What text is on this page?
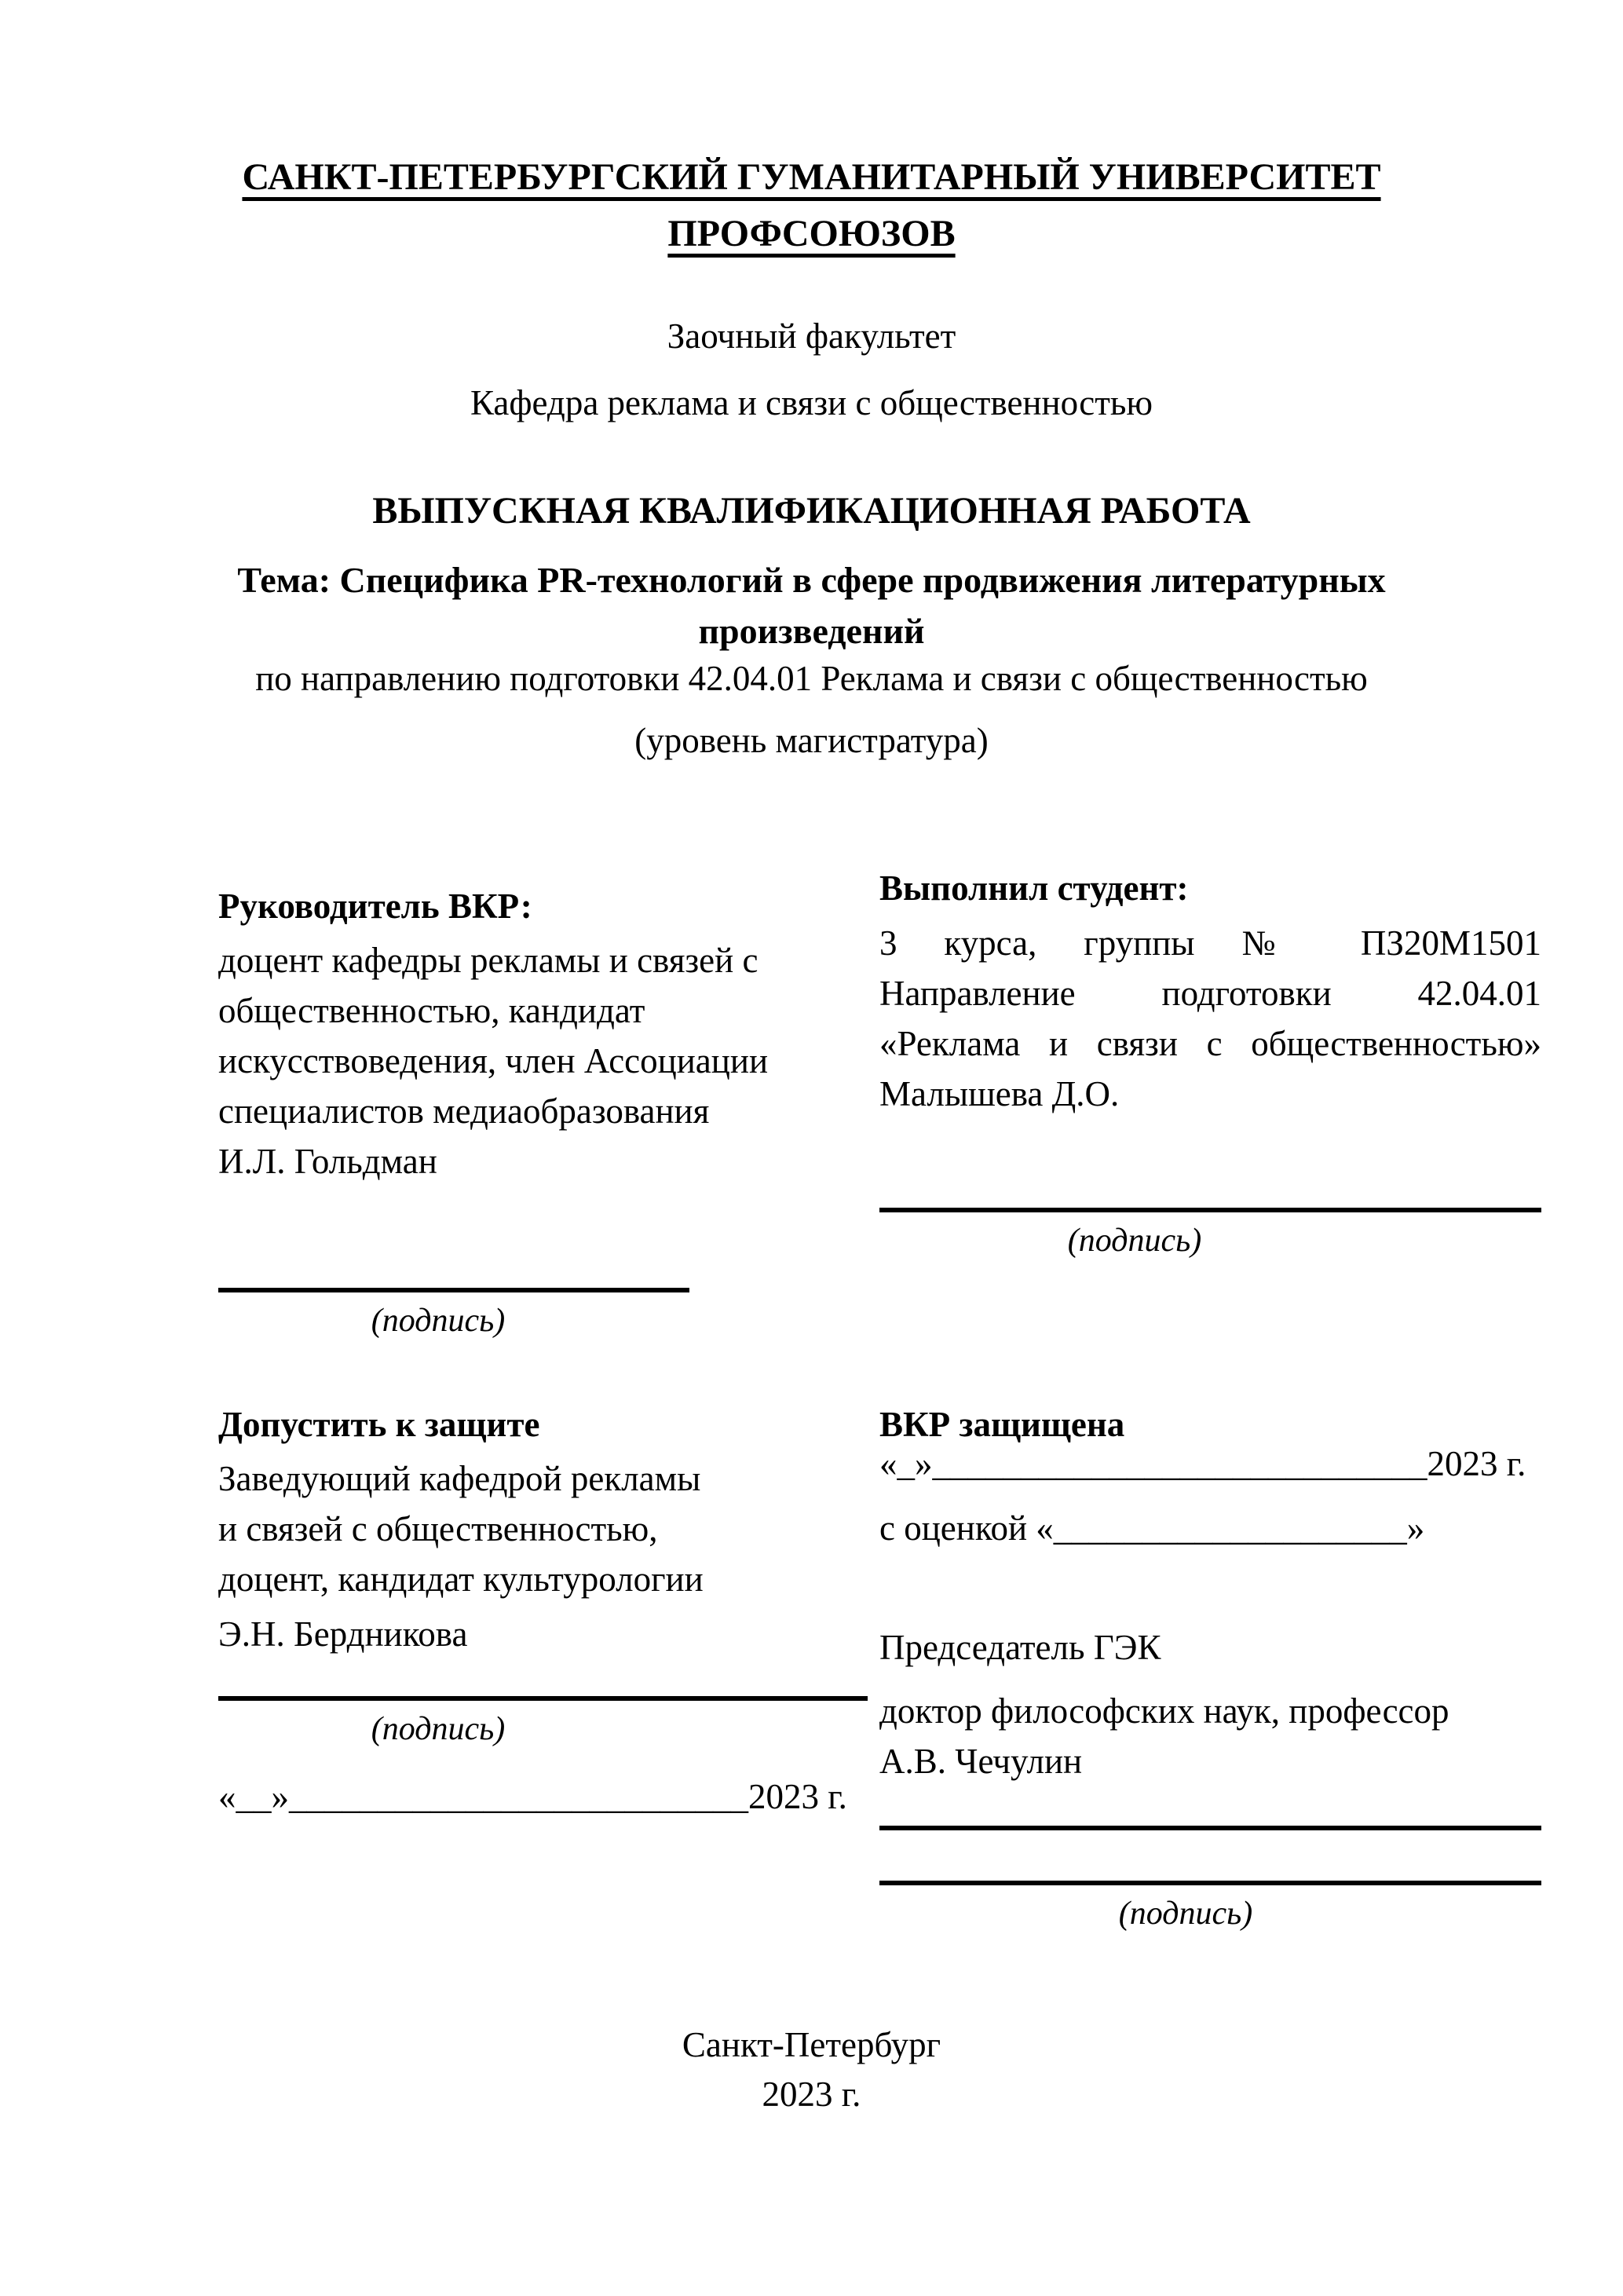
САНКТ-ПЕТЕРБУРГСКИЙ ГУМАНИТАРНЫЙ УНИВЕРСИТЕТ
ПРОФСОЮЗОВ
Заочный факультет
Кафедра реклама и связи с общественностью
ВЫПУСКНАЯ КВАЛИФИКАЦИОННАЯ РАБОТА
Тема: Специфика PR-технологий в сфере продвижения литературных произведений
по направлению подготовки 42.04.01 Реклама и связи с общественностью
(уровень магистратура)
Руководитель ВКР:
доцент кафедры рекламы и связей с
общественностью, кандидат
искусствоведения, член Ассоциации
специалистов медиаобразования
И.Л. Гольдман
Выполнил студент:
3 курса, группы № ПЗ20М1501
Направление подготовки 42.04.01
«Реклама и связи с общественностью»
Малышева Д.О.
(подпись)
(подпись)
Допустить к защите
Заведующий кафедрой рекламы
и связей с общественностью,
доцент, кандидат культурологии
Э.Н. Бердникова
(подпись)
«__»__________________________2023 г.
ВКР защищена
«_»____________________________2023 г.
с оценкой «____________________»
Председатель ГЭК
доктор философских наук, профессор
А.В. Чечулин
(подпись)
Санкт-Петербург
2023 г.
